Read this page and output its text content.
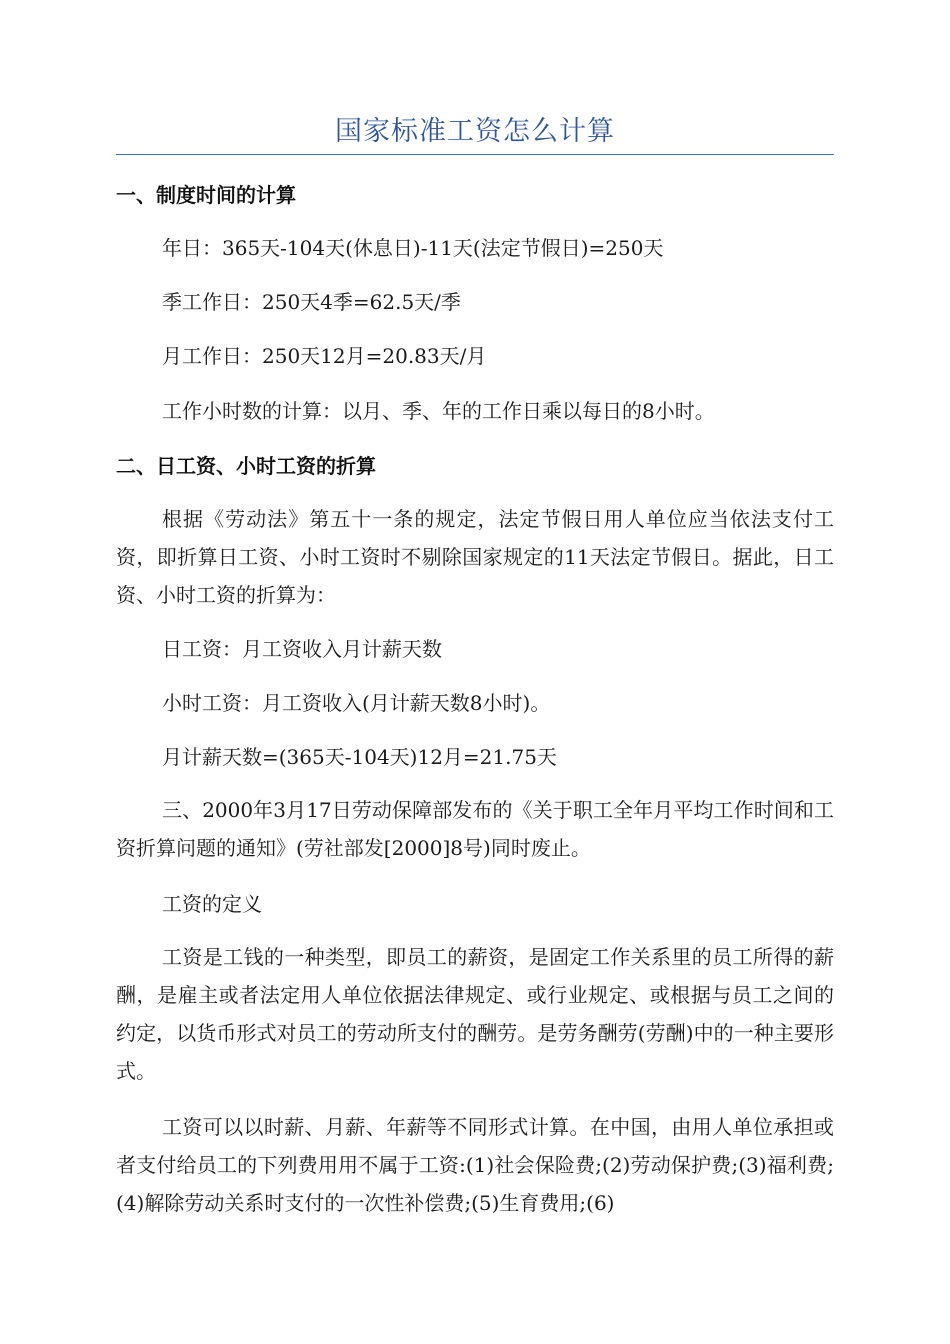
国家标准工资怎么计算
一、制度时间的计算
年日：365天-104天(休息日)-11天(法定节假日)=250天
季工作日：250天4季=62.5天/季
月工作日：250天12月=20.83天/月
工作小时数的计算：以月、季、年的工作日乘以每日的8小时。
二、日工资、小时工资的折算
根据《劳动法》第五十一条的规定，法定节假日用人单位应当依法支付工资，即折算日工资、小时工资时不剔除国家规定的11天法定节假日。据此，日工资、小时工资的折算为：
日工资：月工资收入月计薪天数
小时工资：月工资收入(月计薪天数8小时)。
月计薪天数=(365天-104天)12月=21.75天
三、2000年3月17日劳动保障部发布的《关于职工全年月平均工作时间和工资折算问题的通知》(劳社部发[2000]8号)同时废止。
工资的定义
工资是工钱的一种类型，即员工的薪资，是固定工作关系里的员工所得的薪酬，是雇主或者法定用人单位依据法律规定、或行业规定、或根据与员工之间的约定，以货币形式对员工的劳动所支付的酬劳。是劳务酬劳(劳酬)中的一种主要形式。
工资可以以时薪、月薪、年薪等不同形式计算。在中国，由用人单位承担或者支付给员工的下列费用用不属于工资:(1)社会保险费;(2)劳动保护费;(3)福利费;(4)解除劳动关系时支付的一次性补偿费;(5)生育费用;(6)
